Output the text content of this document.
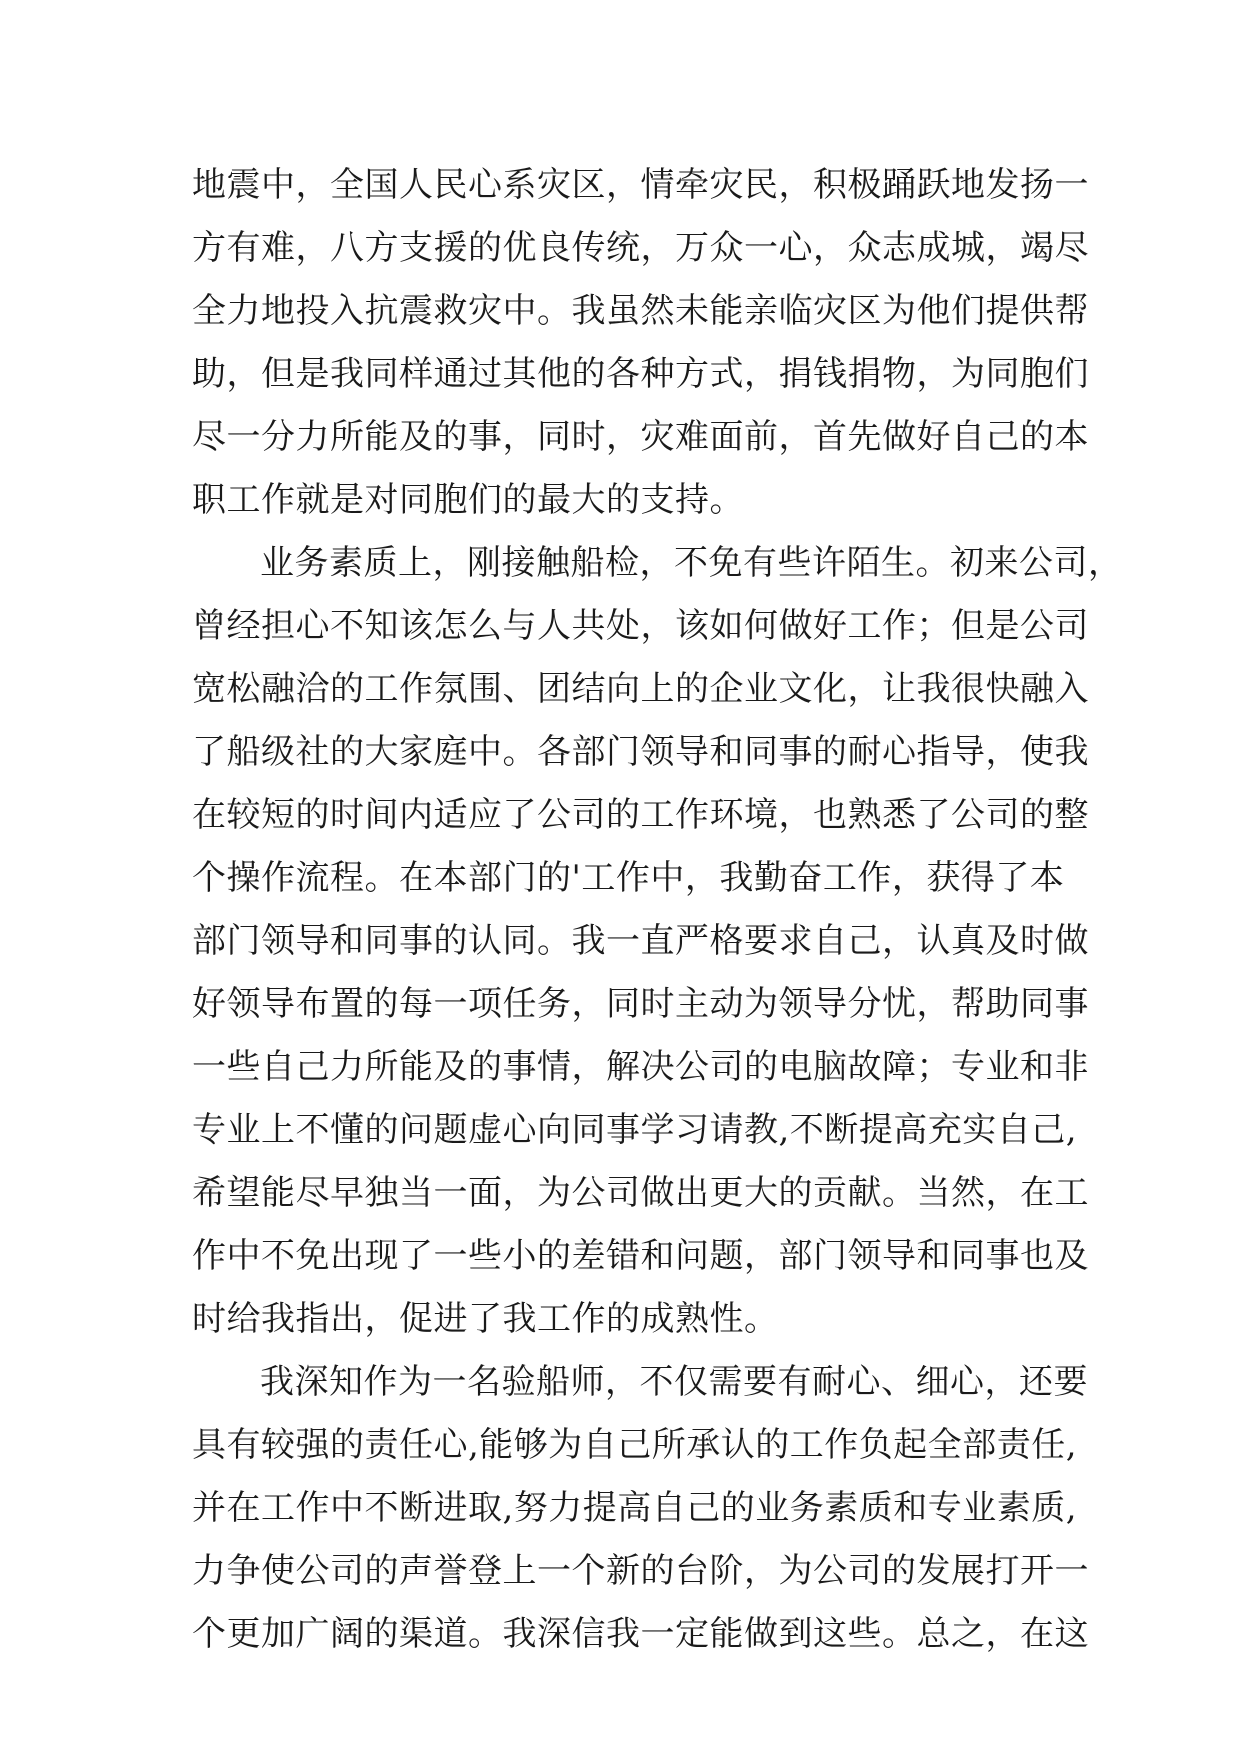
地震中，全国人民心系灾区，情牵灾民，积极踊跃地发扬一
方有难，八方支援的优良传统，万众一心，众志成城，竭尽
全力地投入抗震救灾中。我虽然未能亲临灾区为他们提供帮
助，但是我同样通过其他的各种方式，捐钱捐物，为同胞们
尽一分力所能及的事，同时，灾难面前，首先做好自己的本
职工作就是对同胞们的最大的支持。
业务素质上，刚接触船检，不免有些许陌生。初来公司，
曾经担心不知该怎么与人共处，该如何做好工作；但是公司
宽松融洽的工作氛围、团结向上的企业文化，让我很快融入
了船级社的大家庭中。各部门领导和同事的耐心指导，使我
在较短的时间内适应了公司的工作环境，也熟悉了公司的整
个操作流程。在本部门的'工作中，我勤奋工作，获得了本
部门领导和同事的认同。我一直严格要求自己，认真及时做
好领导布置的每一项任务，同时主动为领导分忧，帮助同事
一些自己力所能及的事情，解决公司的电脑故障；专业和非
专业上不懂的问题虚心向同事学习请教,不断提高充实自己,
希望能尽早独当一面，为公司做出更大的贡献。当然，在工
作中不免出现了一些小的差错和问题，部门领导和同事也及
时给我指出，促进了我工作的成熟性。
我深知作为一名验船师，不仅需要有耐心、细心，还要
具有较强的责任心,能够为自己所承认的工作负起全部责任,
并在工作中不断进取,努力提高自己的业务素质和专业素质,
力争使公司的声誉登上一个新的台阶，为公司的发展打开一
个更加广阔的渠道。我深信我一定能做到这些。总之，在这
